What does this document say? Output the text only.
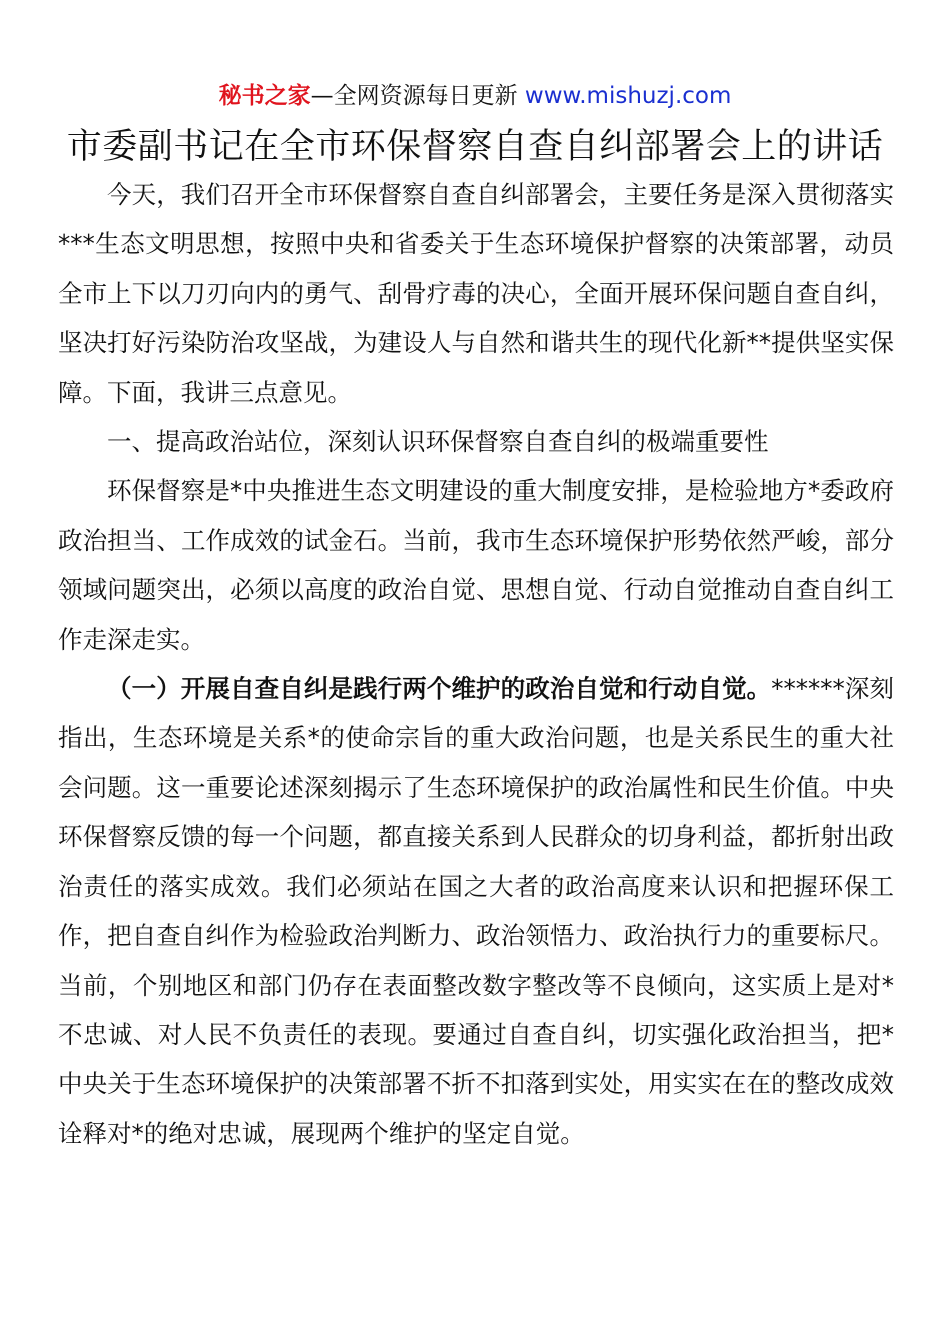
秘书之家—全网资源每日更新 www.mishuzj.com
市委副书记在全市环保督察自查自纠部署会上的讲话

今天，我们召开全市环保督察自查自纠部署会，主要任务是深入贯彻落实***生态文明思想，按照中央和省委关于生态环境保护督察的决策部署，动员全市上下以刀刃向内的勇气、刮骨疗毒的决心，全面开展环保问题自查自纠，坚决打好污染防治攻坚战，为建设人与自然和谐共生的现代化新**提供坚实保障。下面，我讲三点意见。

一、提高政治站位，深刻认识环保督察自查自纠的极端重要性

环保督察是*中央推进生态文明建设的重大制度安排，是检验地方*委政府政治担当、工作成效的试金石。当前，我市生态环境保护形势依然严峻，部分领域问题突出，必须以高度的政治自觉、思想自觉、行动自觉推动自查自纠工作走深走实。

（一）开展自查自纠是践行两个维护的政治自觉和行动自觉。******深刻指出，生态环境是关系*的使命宗旨的重大政治问题，也是关系民生的重大社会问题。这一重要论述深刻揭示了生态环境保护的政治属性和民生价值。中央环保督察反馈的每一个问题，都直接关系到人民群众的切身利益，都折射出政治责任的落实成效。我们必须站在国之大者的政治高度来认识和把握环保工作，把自查自纠作为检验政治判断力、政治领悟力、政治执行力的重要标尺。当前，个别地区和部门仍存在表面整改数字整改等不良倾向，这实质上是对*不忠诚、对人民不负责任的表现。要通过自查自纠，切实强化政治担当，把*中央关于生态环境保护的决策部署不折不扣落到实处，用实实在在的整改成效诠释对*的绝对忠诚，展现两个维护的坚定自觉。
